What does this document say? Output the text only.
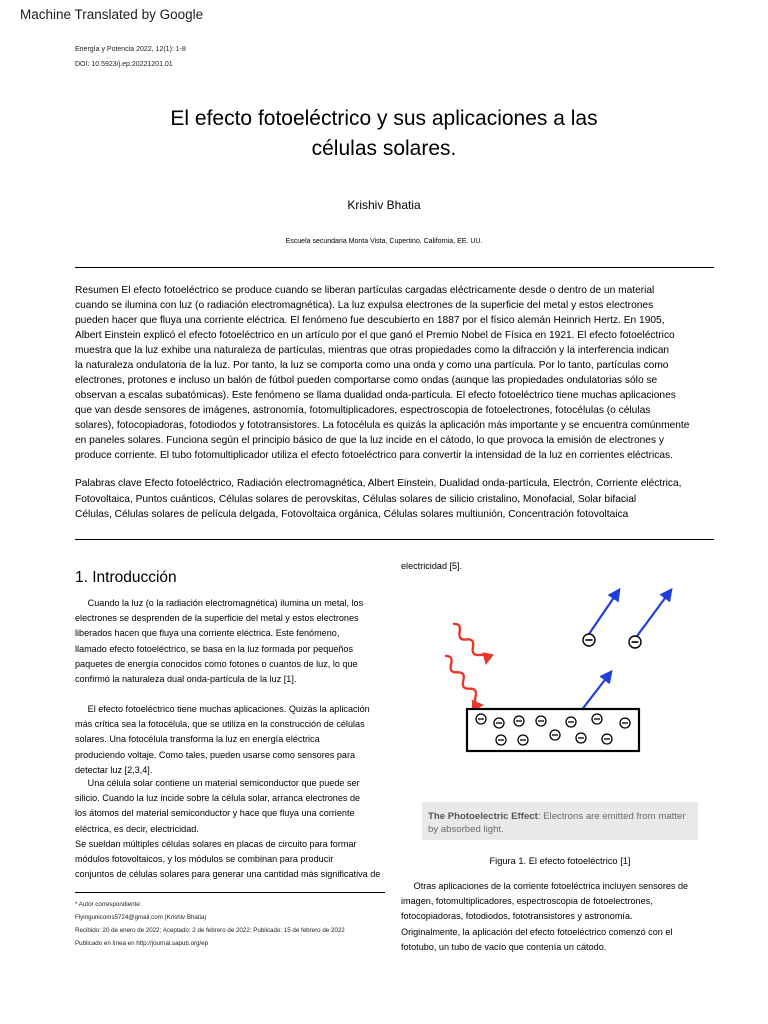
Machine Translated by Google
Energía y Potencia 2022, 12(1): 1-8
DOI: 10.5923/j.ep.20221201.01
El efecto fotoeléctrico y sus aplicaciones a las
células solares.
Krishiv Bhatia
Escuela secundaria Monta Vista, Cupertino, California, EE. UU.
Resumen El efecto fotoeléctrico se produce cuando se liberan partículas cargadas eléctricamente desde o dentro de un material
cuando se ilumina con luz (o radiación electromagnética). La luz expulsa electrones de la superficie del metal y estos electrones
pueden hacer que fluya una corriente eléctrica. El fenómeno fue descubierto en 1887 por el físico alemán Heinrich Hertz. En 1905,
Albert Einstein explicó el efecto fotoeléctrico en un artículo por el que ganó el Premio Nobel de Física en 1921. El efecto fotoeléctrico
muestra que la luz exhibe una naturaleza de partículas, mientras que otras propiedades como la difracción y la interferencia indican
la naturaleza ondulatoria de la luz. Por tanto, la luz se comporta como una onda y como una partícula. Por lo tanto, partículas como
electrones, protones e incluso un balón de fútbol pueden comportarse como ondas (aunque las propiedades ondulatorias sólo se
observan a escalas subatómicas). Este fenómeno se llama dualidad onda-partícula. El efecto fotoeléctrico tiene muchas aplicaciones
que van desde sensores de imágenes, astronomía, fotomultiplicadores, espectroscopia de fotoelectrones, fotocélulas (o células
solares), fotocopiadoras, fotodiodos y fototransistores. La fotocélula es quizás la aplicación más importante y se encuentra comúnmente
en paneles solares. Funciona según el principio básico de que la luz incide en el cátodo, lo que provoca la emisión de electrones y
produce corriente. El tubo fotomultiplicador utiliza el efecto fotoeléctrico para convertir la intensidad de la luz en corrientes eléctricas.
Palabras clave Efecto fotoeléctrico, Radiación electromagnética, Albert Einstein, Dualidad onda-partícula, Electrón, Corriente eléctrica,
Fotovoltaica, Puntos cuánticos, Células solares de perovskitas, Células solares de silicio cristalino, Monofacial, Solar bifacial
Células, Células solares de película delgada, Fotovoltaica orgánica, Células solares multiunión, Concentración fotovoltaica
1. Introducción
Cuando la luz (o la radiación electromagnética) ilumina un metal, los
electrones se desprenden de la superficie del metal y estos electrones
liberados hacen que fluya una corriente eléctrica. Este fenómeno,
llamado efecto fotoeléctrico, se basa en la luz formada por pequeños
paquetes de energía conocidos como fotones o cuantos de luz, lo que
confirmó la naturaleza dual onda-partícula de la luz [1].
El efecto fotoeléctrico tiene muchas aplicaciones. Quizás la aplicación
más crítica sea la fotocélula, que se utiliza en la construcción de células
solares. Una fotocélula transforma la luz en energía eléctrica
produciendo voltaje. Como tales, pueden usarse como sensores para
detectar luz [2,3,4].
Una célula solar contiene un material semiconductor que puede ser
silicio. Cuando la luz incide sobre la célula solar, arranca electrones de
los átomos del material semiconductor y hace que fluya una corriente
eléctrica, es decir, electricidad.
Se sueldan múltiples células solares en placas de circuito para formar
módulos fotovoltaicos, y los módulos se combinan para producir
conjuntos de células solares para generar una cantidad más significativa de
* Autor correspondiente:
Flyingunicoms5724@gmail.com (Krishiv Bhatia)
Recibido: 20 de enero de 2022; Aceptado: 2 de febrero de 2022; Publicado: 15 de febrero de 2022
Publicado en línea en http://journal.sapub.org/ep
electricidad [5].
The Photoelectric Effect: Electrons are emitted from matter by absorbed light.
Figura 1. El efecto fotoeléctrico [1]
Otras aplicaciones de la corriente fotoeléctrica incluyen sensores de
imagen, fotomultiplicadores, espectroscopia de fotoelectrones,
fotocopiadoras, fotodiodos, fototransistores y astronomía.
Originalmente, la aplicación del efecto fotoeléctrico comenzó con el
fototubo, un tubo de vacío que contenía un cátodo.
